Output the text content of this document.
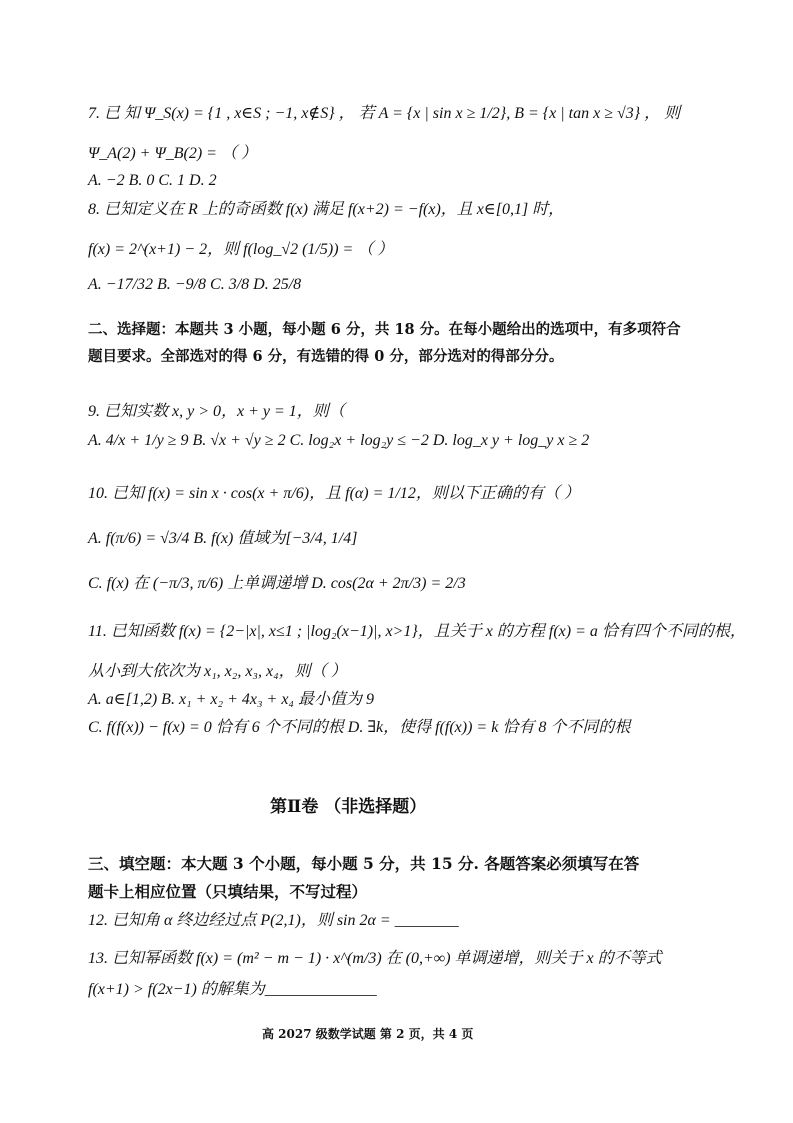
7. 已 知 Ψ_S(x) = {1 , x∈S ; −1, x∉S} ， 若 A = {x | sin x ≥ 1/2}, B = {x | tan x ≥ √3} ， 则
Ψ_A(2) + Ψ_B(2) = （ ）
A. −2 B. 0 C. 1 D. 2
8. 已知定义在 R 上的奇函数 f(x) 满足 f(x+2) = −f(x)，且 x∈[0,1] 时，
f(x) = 2^(x+1) − 2，则 f(log_√2 (1/5)) = （ ）
A. −17/32 B. −9/8 C. 3/8 D. 25/8
二、选择题：本题共 3 小题，每小题 6 分，共 18 分。在每小题给出的选项中，有多项符合
题目要求。全部选对的得 6 分，有选错的得 0 分，部分选对的得部分分。
9. 已知实数 x, y > 0，x + y = 1，则（
A. 4/x + 1/y ≥ 9 B. √x + √y ≥ 2 C. log₂x + log₂y ≤ −2 D. log_x y + log_y x ≥ 2
10. 已知 f(x) = sin x · cos(x + π/6)，且 f(α) = 1/12，则以下正确的有（ ）
A. f(π/6) = √3/4 B. f(x) 值域为[−3/4, 1/4]
C. f(x) 在 (−π/3, π/6) 上单调递增 D. cos(2α + 2π/3) = 2/3
11. 已知函数 f(x) = {2−|x|, x≤1 ; |log₂(x−1)|, x>1}，且关于 x 的方程 f(x) = a 恰有四个不同的根，
从小到大依次为 x₁, x₂, x₃, x₄，则（ ）
A. a∈[1,2) B. x₁ + x₂ + 4x₃ + x₄ 最小值为 9
C. f(f(x)) − f(x) = 0 恰有 6 个不同的根 D. ∃k，使得 f(f(x)) = k 恰有 8 个不同的根
第Ⅱ卷 （非选择题）
三、填空题：本大题 3 个小题，每小题 5 分，共 15 分. 各题答案必须填写在答
题卡上相应位置（只填结果，不写过程）
12. 已知角 α 终边经过点 P(2,1)，则 sin 2α = ________
13. 已知幂函数 f(x) = (m² − m − 1) · x^(m/3) 在 (0,+∞) 单调递增，则关于 x 的不等式
f(x+1) > f(2x−1) 的解集为______________
高 2027 级数学试题 第 2 页，共 4 页
